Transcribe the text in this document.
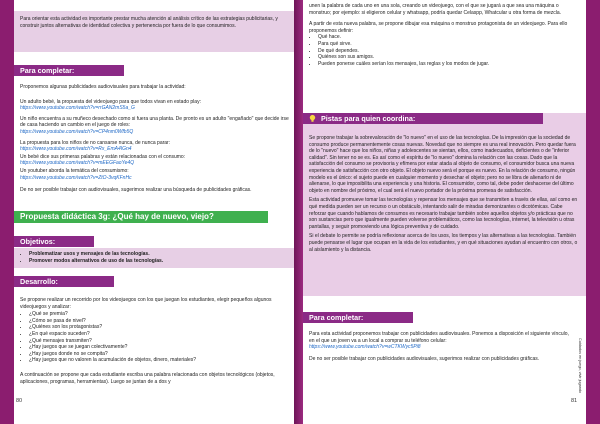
Para orientar esta actividad es importante prestar mucha atención al análisis crítico de las estrategias publicitarias, y construir juntos alternativas de identidad colectiva y pertenencia por fuera de lo que consumimos.

Para completar:

Proponemos algunas publicidades audiovisuales para trabajar la actividad:

Un adulto bebé, la propuesta del videojuego para que todos vivan en estado play:

https://www.youtube.com/watch?v=rrGAN2mS5a_G

Un niño encuentra a su muñeco desechado como si fuera una planta. De pronto es un adulto "engañado" que decide irse de casa haciendo un cambio en el juego de roles:

https://www.youtube.com/watch?v=CP4nm0Wfb5Q

La propuesta para los niños de no cansarse nunca, de nunca parar:

https://www.youtube.com/watch?v=Rx_EmA4IGn4

Un bebé dice sus primeras palabras y están relacionadas con el consumo:

https://www.youtube.com/watch?v=mEEGFaoYe4Q

Un youtuber aborda la temática del consumismo:

https://www.youtube.com/watch?v=ZtO-3vqKFnHc

De no ser posible trabajar con audiovisuales, sugerimos realizar una búsqueda de publicidades gráficas.

Propuesta didáctica 3g: ¿Qué hay de nuevo, viejo?
Objetivos:
• Problematizar usos y mensajes de las tecnologías.
• Promover modos alternativos de uso de las tecnologías.
Desarrollo:

Se propone realizar un recorrido por los videojuegos con los que juegan los estudiantes, elegir pequeños algunos videojuegos y analizar:

• ¿Qué se premia?
• ¿Cómo se pasa de nivel?
• ¿Quiénes son los protagonistas?
• ¿En qué espacio suceden?
• ¿Qué mensajes transmiten?
• ¿Hay juegos que se juegan colectivamente?
• ¿Hay juegos donde no se compita?
• ¿Hay juegos que no valoren la acumulación de objetos, dinero, materiales?

A continuación se propone que cada estudiante escriba una palabra relacionada con objetos tecnológicos (objetos, aplicaciones, programas, herramientas). Luego se juntan de a dos y

80

unen la palabra de cada uno en una sola, creando un videojuego, con el que se jugará a que sea una máquina o monstruo; por ejemplo: si eligieron celular y whatsapp, podría quedar Celaspp, Whatcular u otra forma de mezcla.

A partir de esta nueva palabra, se propone dibujar esa máquina o monstruo protagonista de un videojuego. Para ello proponemos definir:

• Qué hace.
• Para qué sirve.
• De qué dependes.
• Quiénes son sus amigos.
• Pueden ponerse cuáles serían los mensajes, las reglas y los modos de jugar.

Se propone trabajar la sobrevaloración de "lo nuevo" en el uso de las tecnologías. De la impresión que la sociedad de consumo produce permanentemente cosas nuevas. Novedad que no siempre es una real innovación. Pero quedar fuera de lo "nuevo" hace que los niños, niñas y adolescentes se sientan, ellos, como inadecuados, deficientes o de "inferior calidad". Sin tener no se es. Es así como el espíritu de "lo nuevo" domina la relación con las cosas. Dado que la satisfacción del consumo se provisoria y efímera por estar atada al objeto de consumo, el consumidor busca una nueva experiencia de satisfacción con otro objeto. El objeto nuevo será el porque es nuevo. En la relación de consumo, ningún modelo es el único: el sujeto puede en cualquier momento y desechar el objeto; pero no se libra de alienarlo ni de alienarse, lo que imposibilita una experiencia y una historia. El consumidor, como tal, debe poder deshacerse del último objeto en nombre del próximo, el cual será el nuevo portador de la próxima promesa de satisfacción.

Esta actividad promueve tomar las tecnologías y repensar los mensajes que se transmiten a través de ellas, así como en qué medida pueden ser un recurso o un obstáculo, intentando salir de miradas demonizantes o dicotómicas. Cabe reforzar que cuando hablamos de consumos es necesario trabajar también sobre aquellos objetos y/o prácticas que no son sustancias pero que igualmente pueden volverse problemáticos, como las tecnologías, internet, la televisión u otras pantallas, y seguir promoviendo una lógica preventiva y de cuidado.

Si el debate lo permite se podría reflexionar acerca de los usos, los tiempos y las alternativas a las tecnologías. También puede pensarse el lugar que ocupan en la vida de los estudiantes, y en qué situaciones ayudan al encuentro con otros, o al aislamiento y la distancia.

Pistas para quien coordina:
Para completar:

Para esta actividad proponemos trabajar con publicidades audiovisuales. Ponemos a disposición el siguiente vínculo, en el que un joven va a un local a comprar su teléfono celular:

https://www.youtube.com/watch?v=wCTKWyc5Pi8

De no ser posible trabajar con publicidades audiovisuales, sugerimos realizar con publicidades gráficas.	Cuidados en juego, vivir jugando
81
